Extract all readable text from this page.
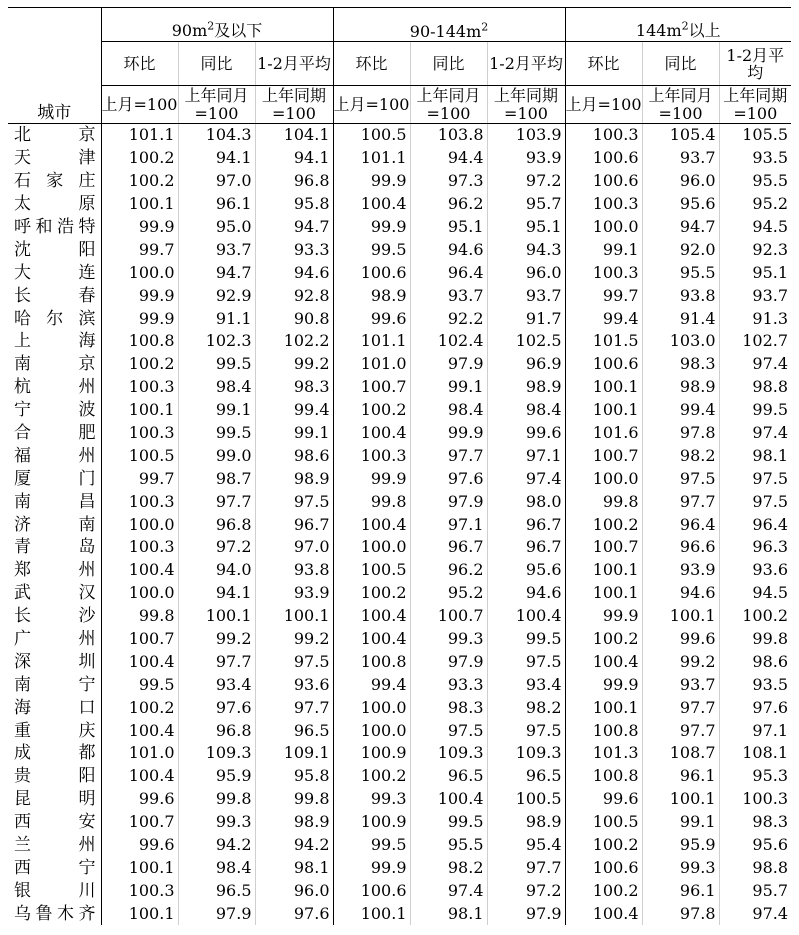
城市	$90m^2$及以下			$90-144m^2$			$144m^2$以上		
	环比	同比	1-2月平均	环比	同比	1-2月平均	环比	同比	1-2月平均
	上月=100	上年同月=100	上年同期=100	上月=100	上年同月=100	上年同期=100	上月=100	上年同月=100	上年同期=100
北京	101.1	104.3	104.1	100.5	103.8	103.9	100.3	105.4	105.5
天津	100.2	94.1	94.1	101.1	94.4	93.9	100.6	93.7	93.5
石家庄	100.2	97.0	96.8	99.9	97.3	97.2	100.6	96.0	95.5
太原	100.1	96.1	95.8	100.4	96.2	95.7	100.3	95.6	95.2
呼和浩特	99.9	95.0	94.7	99.9	95.1	95.1	100.0	94.7	94.5
沈阳	99.7	93.7	93.3	99.5	94.6	94.3	99.1	92.0	92.3
大连	100.0	94.7	94.6	100.6	96.4	96.0	100.3	95.5	95.1
长春	99.9	92.9	92.8	98.9	93.7	93.7	99.7	93.8	93.7
哈尔滨	99.9	91.1	90.8	99.6	92.2	91.7	99.4	91.4	91.3
上海	100.8	102.3	102.2	101.1	102.4	102.5	101.5	103.0	102.7
南京	100.2	99.5	99.2	101.0	97.9	96.9	100.6	98.3	97.4
杭州	100.3	98.4	98.3	100.7	99.1	98.9	100.1	98.9	98.8
宁波	100.1	99.1	99.4	100.2	98.4	98.4	100.1	99.4	99.5
合肥	100.3	99.5	99.1	100.4	99.9	99.6	101.6	97.8	97.4
福州	100.5	99.0	98.6	100.3	97.7	97.1	100.7	98.2	98.1
厦门	99.7	98.7	98.9	99.9	97.6	97.4	100.0	97.5	97.5
南昌	100.3	97.7	97.5	99.8	97.9	98.0	99.8	97.7	97.5
济南	100.0	96.8	96.7	100.4	97.1	96.7	100.2	96.4	96.4
青岛	100.3	97.2	97.0	100.0	96.7	96.7	100.7	96.6	96.3
郑州	100.4	94.0	93.8	100.5	96.2	95.6	100.1	93.9	93.6
武汉	100.0	94.1	93.9	100.2	95.2	94.6	100.1	94.6	94.5
长沙	99.8	100.1	100.1	100.4	100.7	100.4	99.9	100.1	100.2
广州	100.7	99.2	99.2	100.4	99.3	99.5	100.2	99.6	99.8
深圳	100.4	97.7	97.5	100.8	97.9	97.5	100.4	99.2	98.6
南宁	99.5	93.4	93.6	99.4	93.3	93.4	99.9	93.7	93.5
海口	100.2	97.6	97.7	100.0	98.3	98.2	100.1	97.7	97.6
重庆	100.4	96.8	96.5	100.0	97.5	97.5	100.8	97.7	97.1
成都	101.0	109.3	109.1	100.9	109.3	109.3	101.3	108.7	108.1
贵阳	100.4	95.9	95.8	100.2	96.5	96.5	100.8	96.1	95.3
昆明	99.6	99.8	99.8	99.3	100.4	100.5	99.6	100.1	100.3
西安	100.7	99.3	98.9	100.9	99.5	98.9	100.5	99.1	98.3
兰州	99.6	94.2	94.2	99.5	95.5	95.4	100.2	95.9	95.6
西宁	100.1	98.4	98.1	99.9	98.2	97.7	100.6	99.3	98.8
银川	100.3	96.5	96.0	100.6	97.4	97.2	100.2	96.1	95.7
乌鲁木齐	100.1	97.9	97.6	100.1	98.1	97.9	100.4	97.8	97.4
